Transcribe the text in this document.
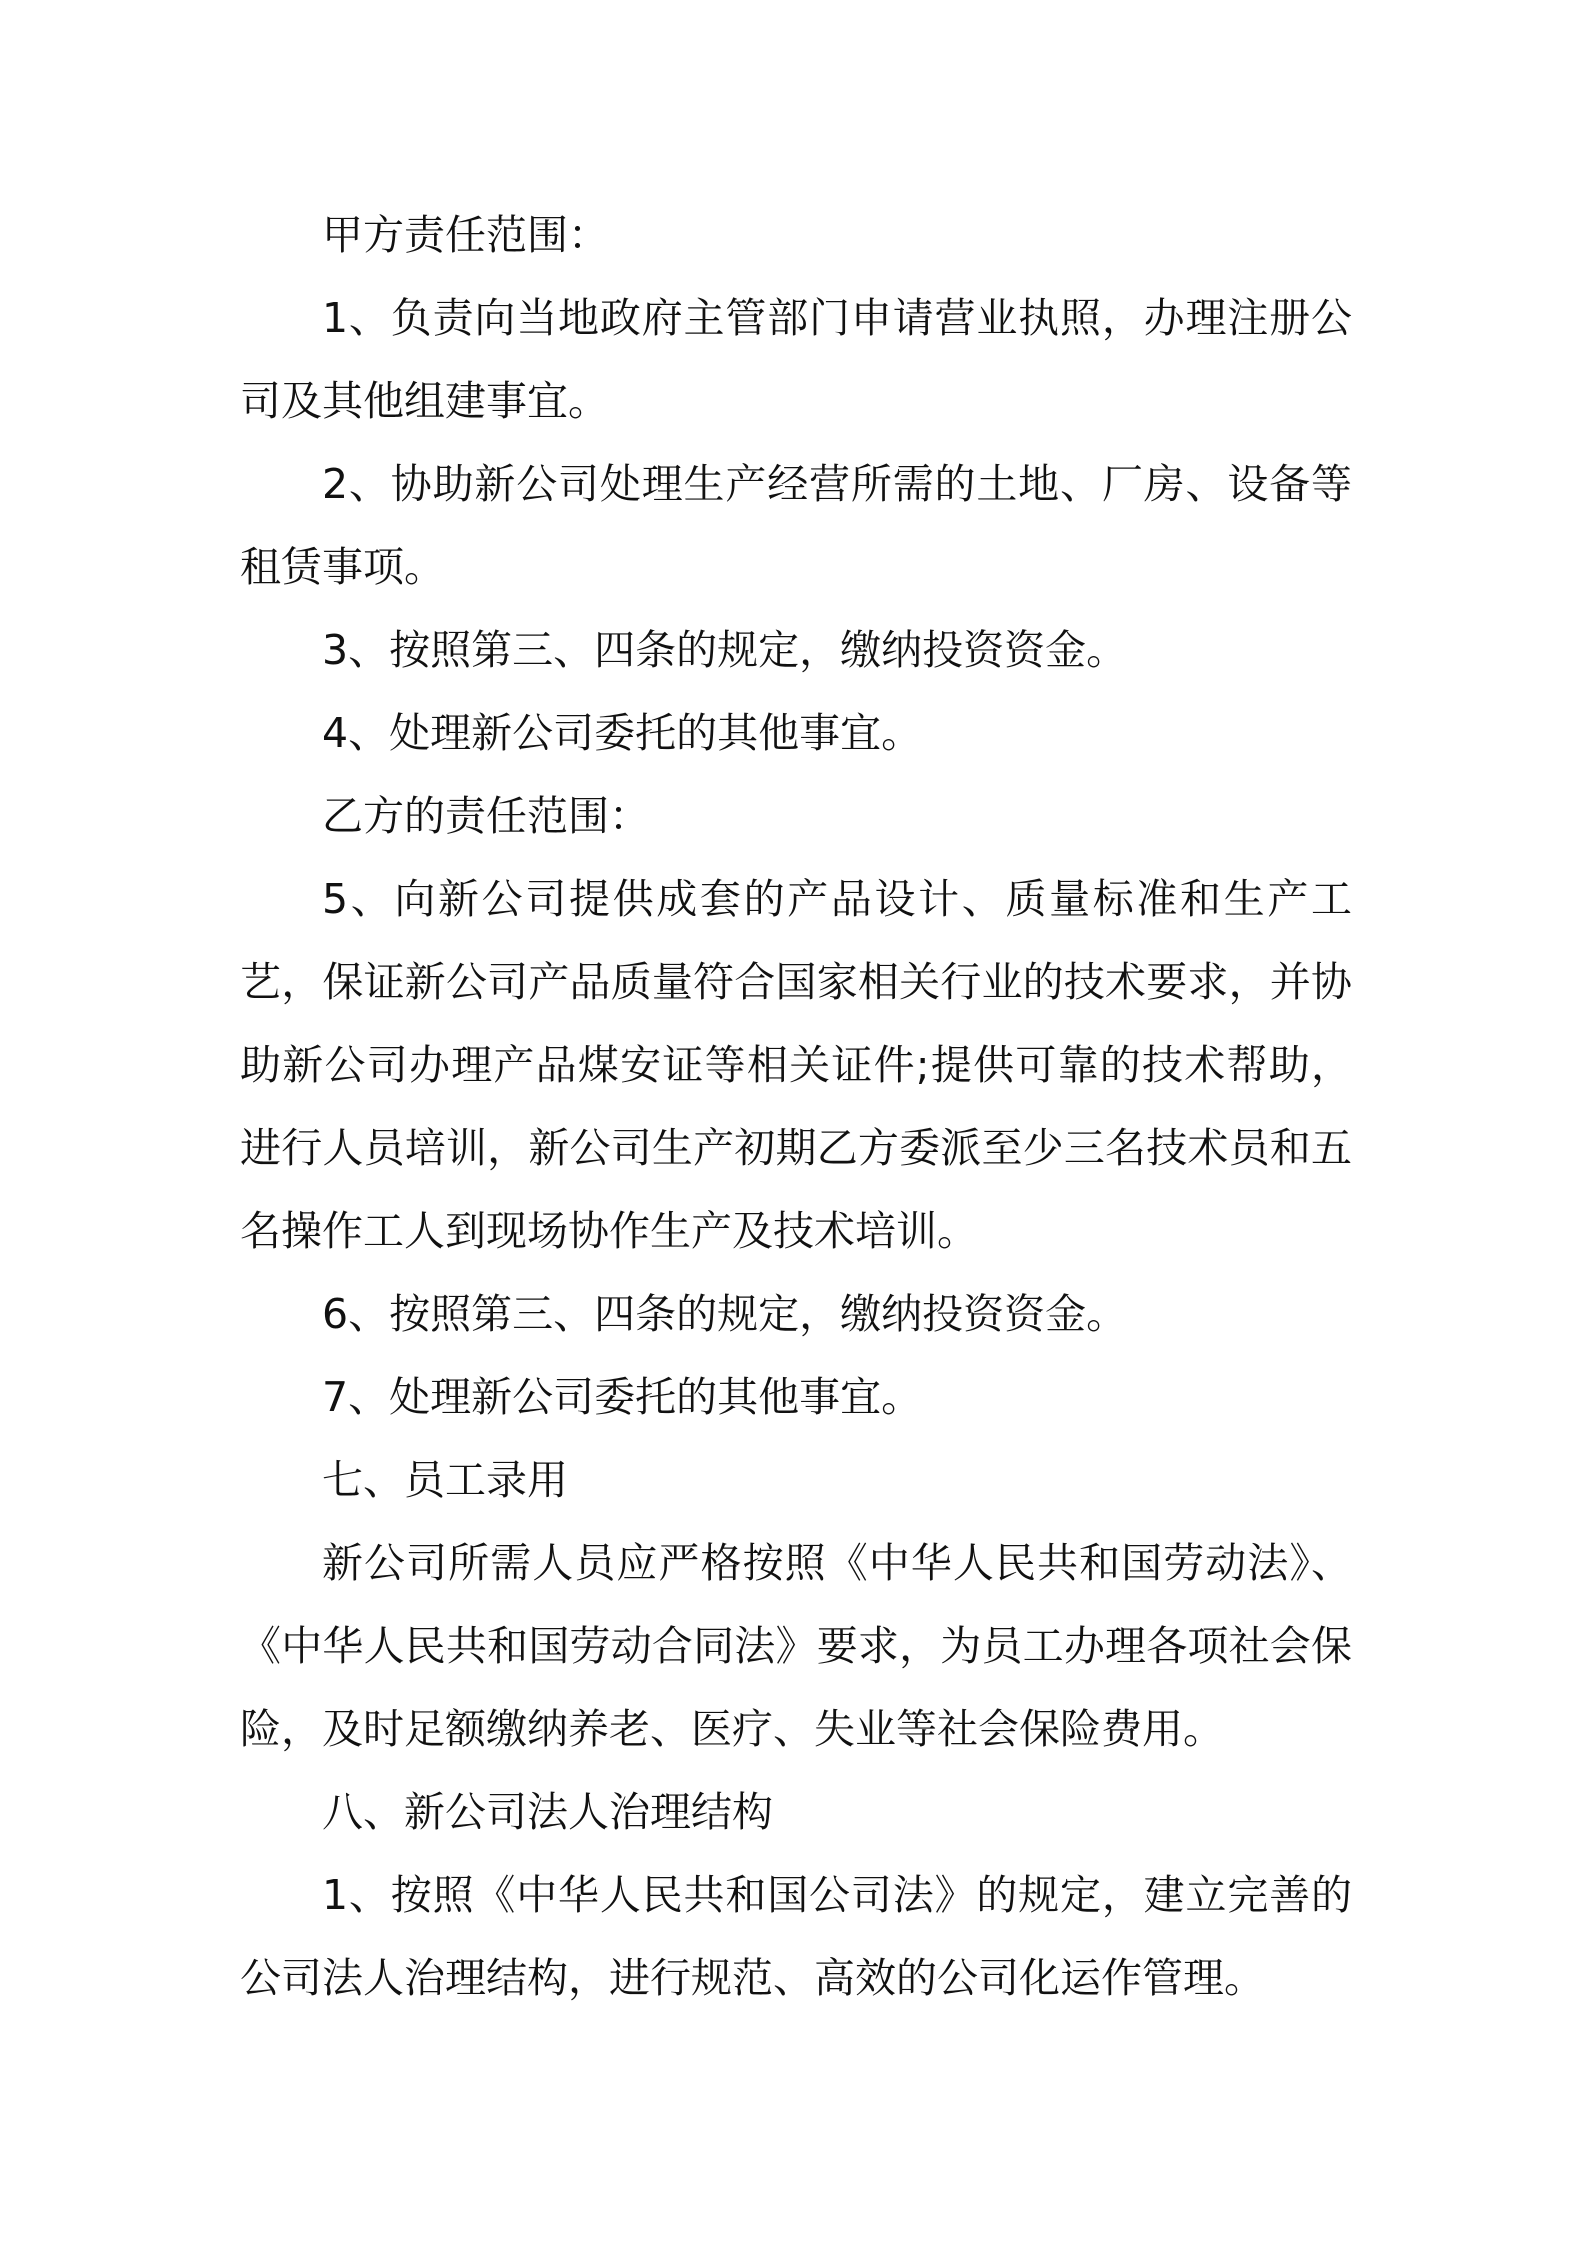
甲方责任范围：

1、负责向当地政府主管部门申请营业执照，办理注册公司及其他组建事宜。

2、协助新公司处理生产经营所需的土地、厂房、设备等租赁事项。

3、按照第三、四条的规定，缴纳投资资金。

4、处理新公司委托的其他事宜。

乙方的责任范围：

5、向新公司提供成套的产品设计、质量标准和生产工艺，保证新公司产品质量符合国家相关行业的技术要求，并协助新公司办理产品煤安证等相关证件;提供可靠的技术帮助，进行人员培训，新公司生产初期乙方委派至少三名技术员和五名操作工人到现场协作生产及技术培训。

6、按照第三、四条的规定，缴纳投资资金。

7、处理新公司委托的其他事宜。

七、员工录用

新公司所需人员应严格按照《中华人民共和国劳动法》、《中华人民共和国劳动合同法》要求，为员工办理各项社会保险，及时足额缴纳养老、医疗、失业等社会保险费用。

八、新公司法人治理结构

1、按照《中华人民共和国公司法》的规定，建立完善的公司法人治理结构，进行规范、高效的公司化运作管理。
